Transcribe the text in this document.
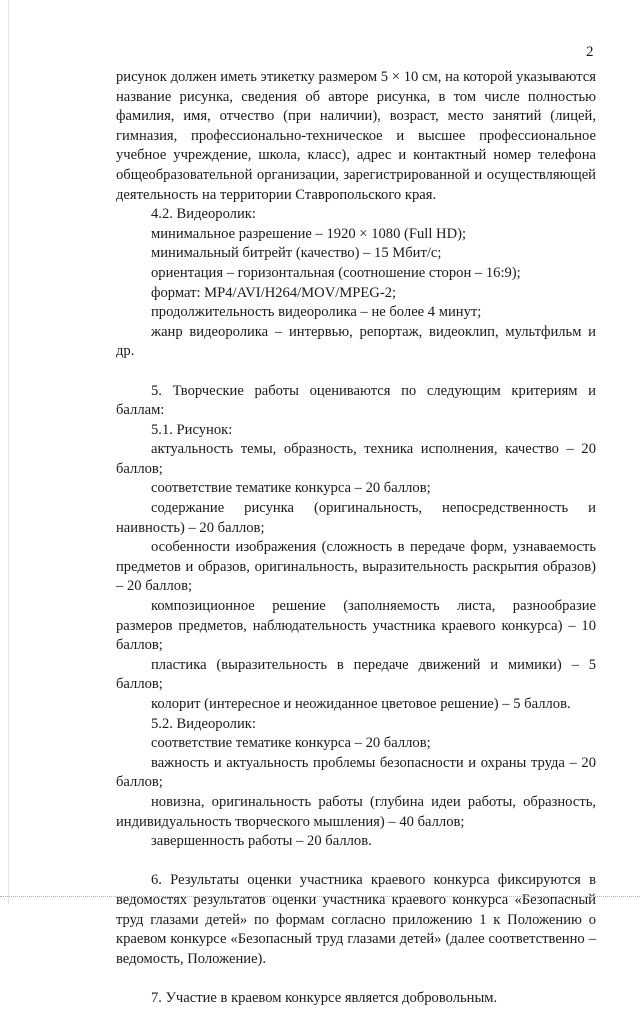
2

рисунок должен иметь этикетку размером 5 × 10 см, на которой указываются название рисунка, сведения об авторе рисунка, в том числе полностью фамилия, имя, отчество (при наличии), возраст, место занятий (лицей, гимназия, профессионально-техническое и высшее профессиональное учебное учреждение, школа, класс), адрес и контактный номер телефона общеобразовательной организации, зарегистрированной и осуществляющей деятельность на территории Ставропольского края.

4.2. Видеоролик:

минимальное разрешение – 1920 × 1080 (Full HD);

минимальный битрейт (качество) – 15 Мбит/с;

ориентация – горизонтальная (соотношение сторон – 16:9);

формат: MP4/AVI/H264/MOV/MPEG-2;

продолжительность видеоролика – не более 4 минут;

жанр видеоролика – интервью, репортаж, видеоклип, мультфильм и др.

5. Творческие работы оцениваются по следующим критериям и баллам:

5.1. Рисунок:

актуальность темы, образность, техника исполнения, качество – 20 баллов;

соответствие тематике конкурса – 20 баллов;

содержание рисунка (оригинальность, непосредственность и наивность) – 20 баллов;

особенности изображения (сложность в передаче форм, узнаваемость предметов и образов, оригинальность, выразительность раскрытия образов) – 20 баллов;

композиционное решение (заполняемость листа, разнообразие размеров предметов, наблюдательность участника краевого конкурса) – 10 баллов;

пластика (выразительность в передаче движений и мимики) – 5 баллов;

колорит (интересное и неожиданное цветовое решение) – 5 баллов.

5.2. Видеоролик:

соответствие тематике конкурса – 20 баллов;

важность и актуальность проблемы безопасности и охраны труда – 20 баллов;

новизна, оригинальность работы (глубина идеи работы, образность, индивидуальность творческого мышления) – 40 баллов;

завершенность работы – 20 баллов.

6. Результаты оценки участника краевого конкурса фиксируются в ведомостях результатов оценки участника краевого конкурса «Безопасный труд глазами детей» по формам согласно приложению 1 к Положению о краевом конкурсе «Безопасный труд глазами детей» (далее соответственно – ведомость, Положение).

7. Участие в краевом конкурсе является добровольным.
